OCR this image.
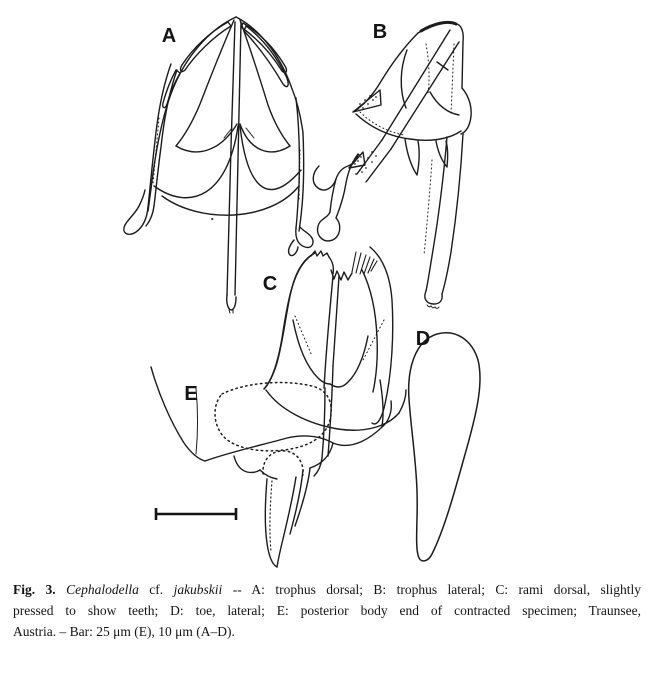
A	B
C
D
E

Fig. 3. Cephalodella cf. jakubskii -- A: trophus dorsal; B: trophus lateral; C: rami dorsal, slightly

pressed to show teeth; D: toe, lateral; E: posterior body end of contracted specimen; Traunsee,

Austria. – Bar: 25 μm (E), 10 μm (A–D).
